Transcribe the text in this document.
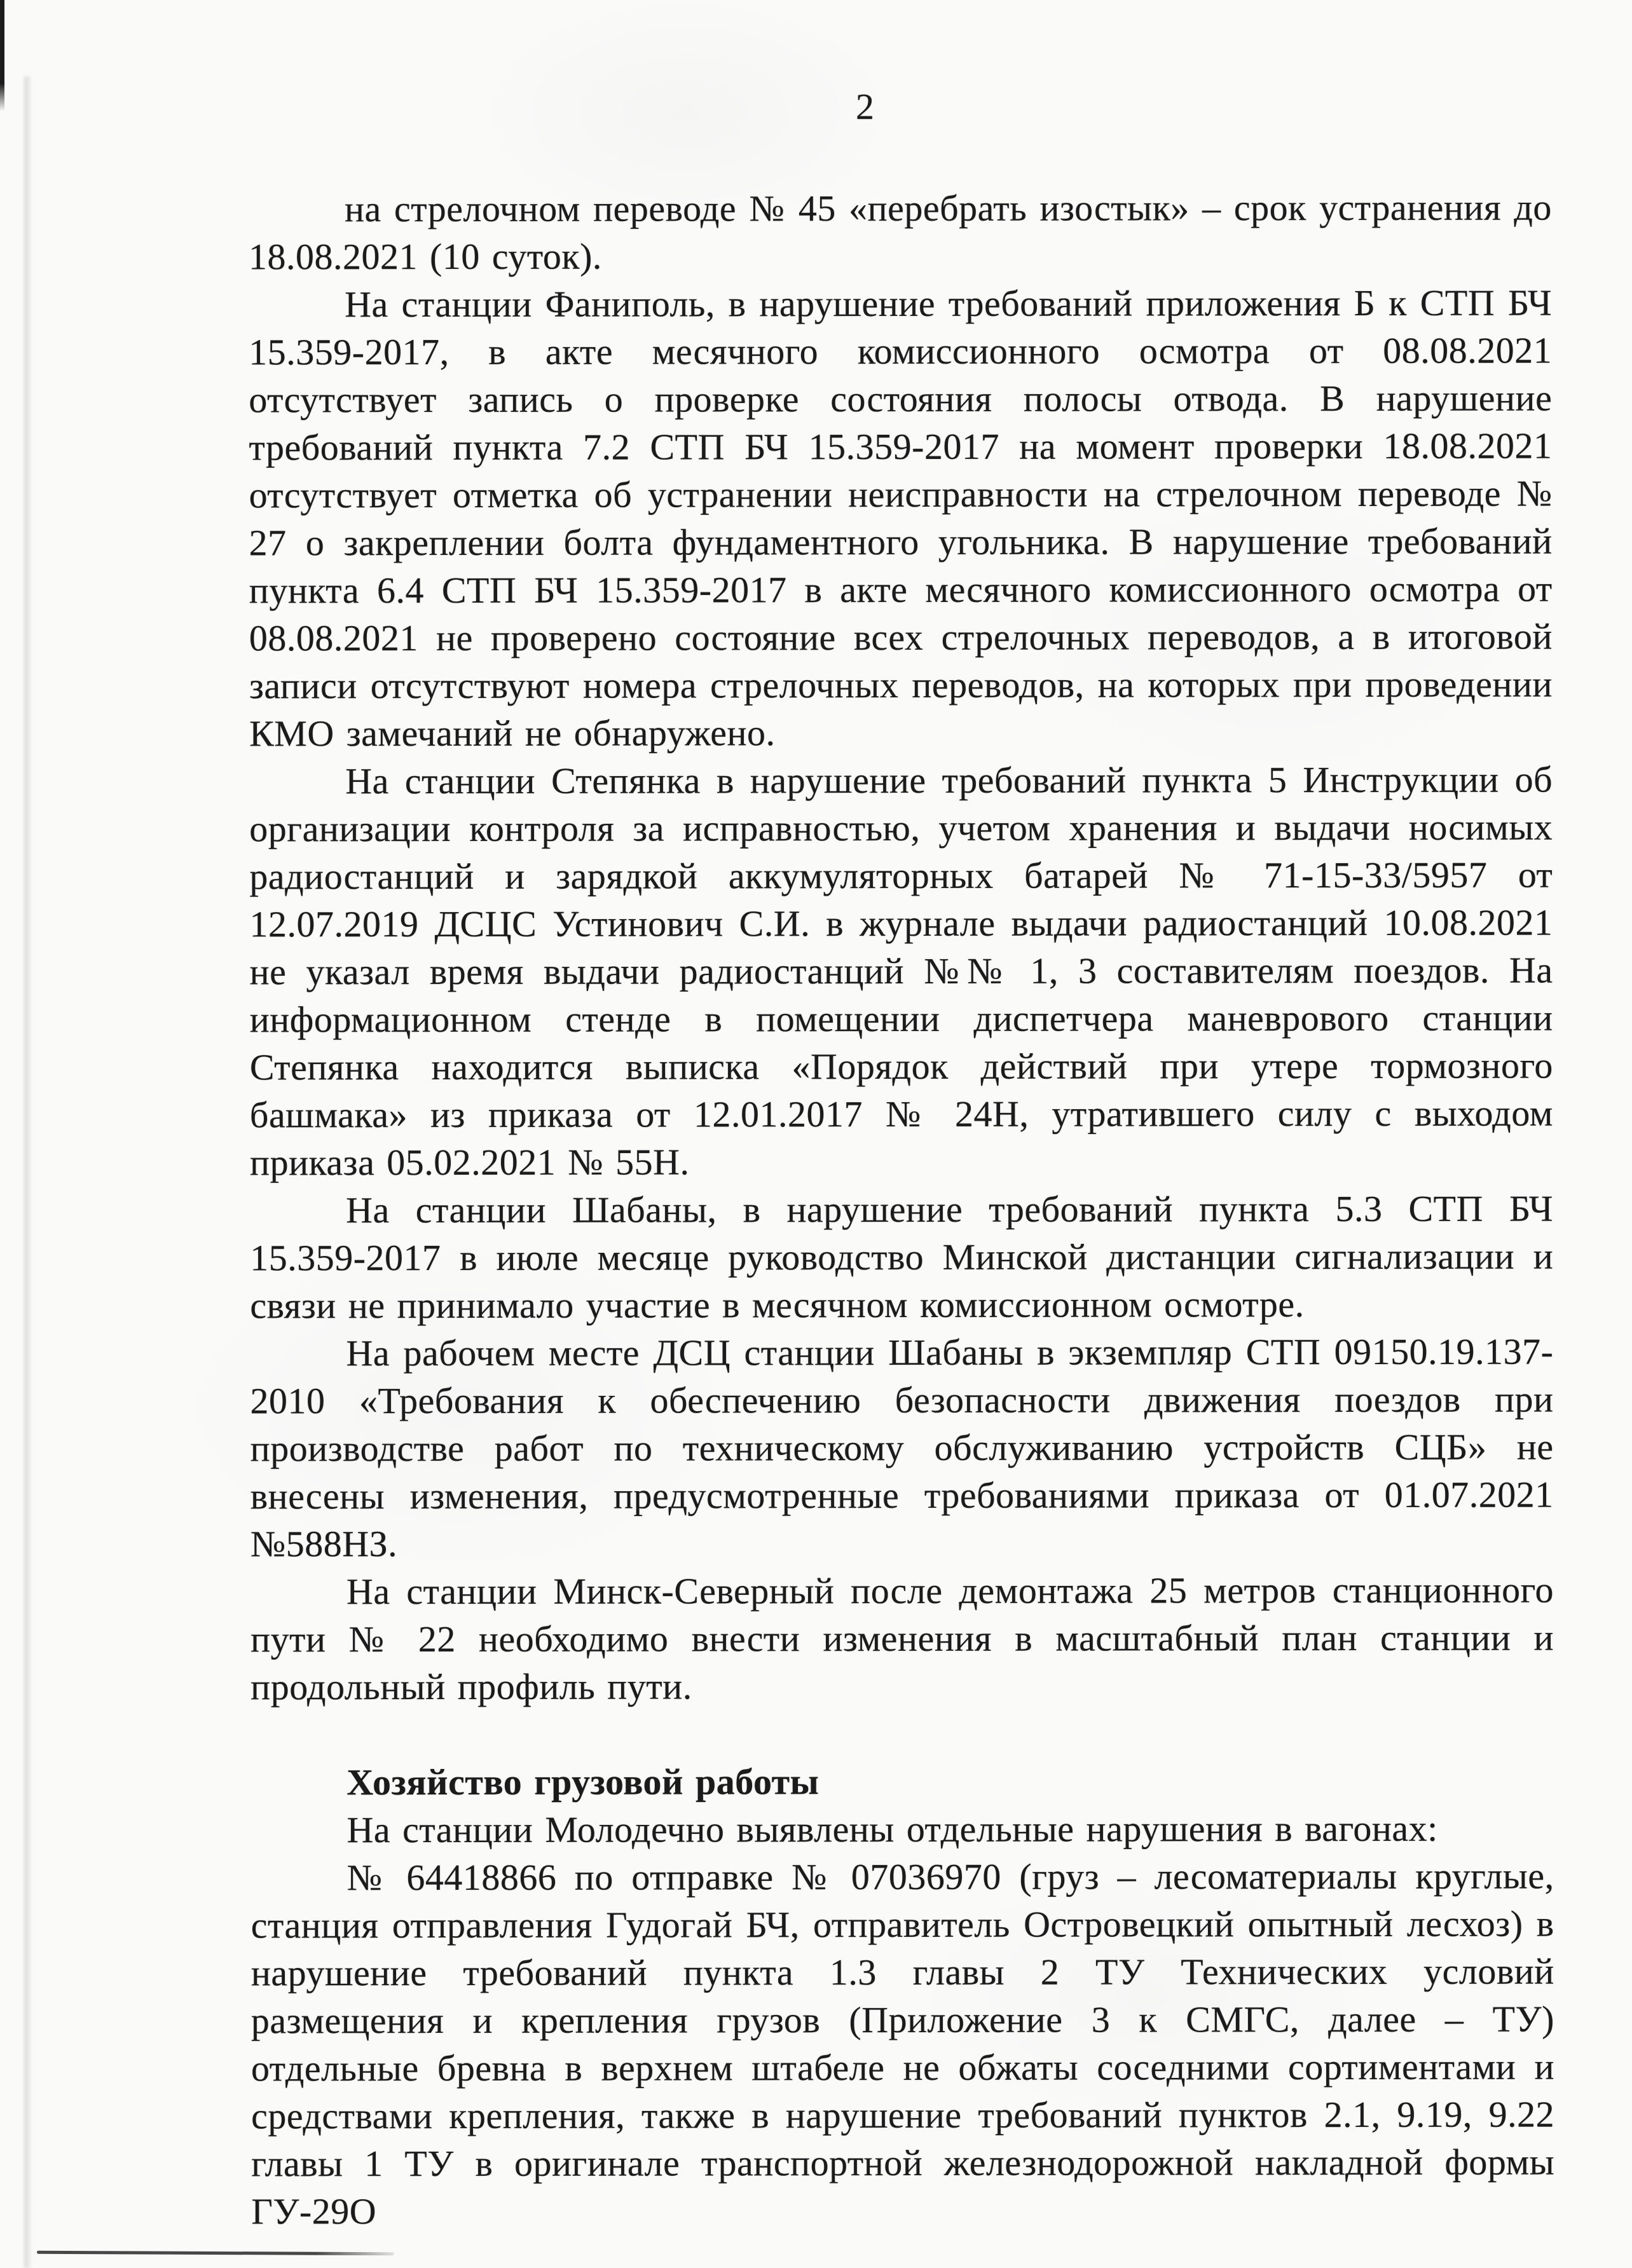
2

на стрелочном переводе № 45 «перебрать изостык» – срок устранения до 18.08.2021 (10 суток).

На станции Фаниполь, в нарушение требований приложения Б к СТП БЧ 15.359-2017, в акте месячного комиссионного осмотра от 08.08.2021 отсутствует запись о проверке состояния полосы отвода. В нарушение требований пункта 7.2 СТП БЧ 15.359-2017 на момент проверки 18.08.2021 отсутствует отметка об устранении неисправности на стрелочном переводе № 27 о закреплении болта фундаментного угольника. В нарушение требований пункта 6.4 СТП БЧ 15.359-2017 в акте месячного комиссионного осмотра от 08.08.2021 не проверено состояние всех стрелочных переводов, а в итоговой записи отсутствуют номера стрелочных переводов, на которых при проведении КМО замечаний не обнаружено.

На станции Степянка в нарушение требований пункта 5 Инструкции об организации контроля за исправностью, учетом хранения и выдачи носимых радиостанций и зарядкой аккумуляторных батарей № 71-15-33/5957 от 12.07.2019 ДСЦС Устинович С.И. в журнале выдачи радиостанций 10.08.2021 не указал время выдачи радиостанций №№ 1, 3 составителям поездов. На информационном стенде в помещении диспетчера маневрового станции Степянка находится выписка «Порядок действий при утере тормозного башмака» из приказа от 12.01.2017 № 24Н, утратившего силу с выходом приказа 05.02.2021 № 55Н.

На станции Шабаны, в нарушение требований пункта 5.3 СТП БЧ 15.359-2017 в июле месяце руководство Минской дистанции сигнализации и связи не принимало участие в месячном комиссионном осмотре.

На рабочем месте ДСЦ станции Шабаны в экземпляр СТП 09150.19.137-2010 «Требования к обеспечению безопасности движения поездов при производстве работ по техническому обслуживанию устройств СЦБ» не внесены изменения, предусмотренные требованиями приказа от 01.07.2021 №588НЗ.

На станции Минск-Северный после демонтажа 25 метров станционного пути № 22 необходимо внести изменения в масштабный план станции и продольный профиль пути.

Хозяйство грузовой работы

На станции Молодечно выявлены отдельные нарушения в вагонах:

№ 64418866 по отправке № 07036970 (груз – лесоматериалы круглые, станция отправления Гудогай БЧ, отправитель Островецкий опытный лесхоз) в нарушение требований пункта 1.3 главы 2 ТУ Технических условий размещения и крепления грузов (Приложение 3 к СМГС, далее – ТУ) отдельные бревна в верхнем штабеле не обжаты соседними сортиментами и средствами крепления, также в нарушение требований пунктов 2.1, 9.19, 9.22 главы 1 ТУ в оригинале транспортной железнодорожной накладной формы ГУ-29О
